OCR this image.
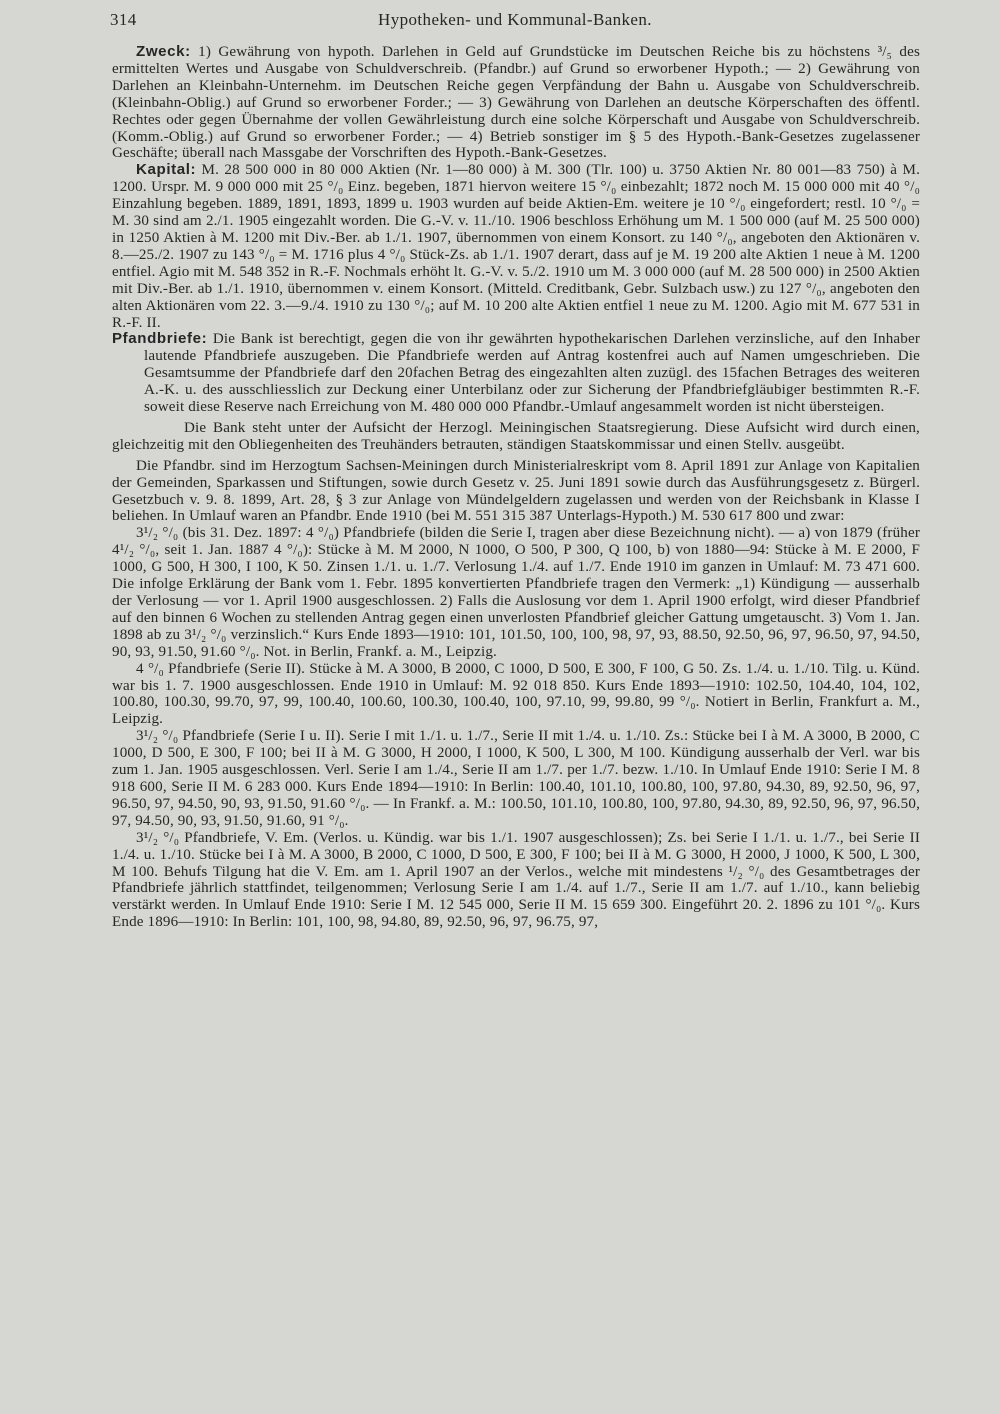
314	Hypotheken- und Kommunal-Banken.

Zweck: 1) Gewährung von hypoth. Darlehen in Geld auf Grundstücke im Deutschen Reiche bis zu höchstens ³/₅ des ermittelten Wertes und Ausgabe von Schuldverschreib. (Pfandbr.) auf Grund so erworbener Hypoth.; — 2) Gewährung von Darlehen an Kleinbahn-Unternehm. im Deutschen Reiche gegen Verpfändung der Bahn u. Ausgabe von Schuldverschreib. (Kleinbahn-Oblig.) auf Grund so erworbener Forder.; — 3) Gewährung von Darlehen an deutsche Körperschaften des öffentl. Rechtes oder gegen Übernahme der vollen Gewährleistung durch eine solche Körperschaft und Ausgabe von Schuldverschreib. (Komm.-Oblig.) auf Grund so erworbener Forder.; — 4) Betrieb sonstiger im § 5 des Hypoth.-Bank-Gesetzes zugelassener Geschäfte; überall nach Massgabe der Vorschriften des Hypoth.-Bank-Gesetzes.

Kapital: M. 28 500 000 in 80 000 Aktien (Nr. 1—80 000) à M. 300 (Tlr. 100) u. 3750 Aktien Nr. 80 001—83 750) à M. 1200. Urspr. M. 9 000 000 mit 25 °/₀ Einz. begeben, 1871 hiervon weitere 15 °/₀ einbezahlt; 1872 noch M. 15 000 000 mit 40 °/₀ Einzahlung begeben. 1889, 1891, 1893, 1899 u. 1903 wurden auf beide Aktien-Em. weitere je 10 °/₀ eingefordert; restl. 10 °/₀ = M. 30 sind am 2./1. 1905 eingezahlt worden. Die G.-V. v. 11./10. 1906 beschloss Erhöhung um M. 1 500 000 (auf M. 25 500 000) in 1250 Aktien à M. 1200 mit Div.-Ber. ab 1./1. 1907, übernommen von einem Konsort. zu 140 °/₀, angeboten den Aktionären v. 8.—25./2. 1907 zu 143 °/₀ = M. 1716 plus 4 °/₀ Stück-Zs. ab 1./1. 1907 derart, dass auf je M. 19 200 alte Aktien 1 neue à M. 1200 entfiel. Agio mit M. 548 352 in R.-F. Nochmals erhöht lt. G.-V. v. 5./2. 1910 um M. 3 000 000 (auf M. 28 500 000) in 2500 Aktien mit Div.-Ber. ab 1./1. 1910, übernommen v. einem Konsort. (Mitteld. Creditbank, Gebr. Sulzbach usw.) zu 127 °/₀, angeboten den alten Aktionären vom 22. 3.—9./4. 1910 zu 130 °/₀; auf M. 10 200 alte Aktien entfiel 1 neue zu M. 1200. Agio mit M. 677 531 in R.-F. II.

Pfandbriefe: Die Bank ist berechtigt, gegen die von ihr gewährten hypothekarischen Darlehen verzinsliche, auf den Inhaber lautende Pfandbriefe auszugeben. Die Pfandbriefe werden auf Antrag kostenfrei auch auf Namen umgeschrieben. Die Gesamtsumme der Pfandbriefe darf den 20fachen Betrag des eingezahlten alten zuzügl. des 15fachen Betrages des weiteren A.-K. u. des ausschliesslich zur Deckung einer Unterbilanz oder zur Sicherung der Pfandbriefgläubiger bestimmten R.-F. soweit diese Reserve nach Erreichung von M. 480 000 000 Pfandbr.-Umlauf angesammelt worden ist nicht übersteigen.

Die Bank steht unter der Aufsicht der Herzogl. Meiningischen Staatsregierung. Diese Aufsicht wird durch einen, gleichzeitig mit den Obliegenheiten des Treuhänders betrauten, ständigen Staatskommissar und einen Stellv. ausgeübt.

Die Pfandbr. sind im Herzogtum Sachsen-Meiningen durch Ministerialreskript vom 8. April 1891 zur Anlage von Kapitalien der Gemeinden, Sparkassen und Stiftungen, sowie durch Gesetz v. 25. Juni 1891 sowie durch das Ausführungsgesetz z. Bürgerl. Gesetzbuch v. 9. 8. 1899, Art. 28, § 3 zur Anlage von Mündelgeldern zugelassen und werden von der Reichsbank in Klasse I beliehen. In Umlauf waren an Pfandbr. Ende 1910 (bei M. 551 315 387 Unterlags-Hypoth.) M. 530 617 800 und zwar:

3¹/₂ °/₀ (bis 31. Dez. 1897: 4 °/₀) Pfandbriefe (bilden die Serie I, tragen aber diese Bezeichnung nicht). — a) von 1879 (früher 4¹/₂ °/₀, seit 1. Jan. 1887 4 °/₀): Stücke à M. M 2000, N 1000, O 500, P 300, Q 100, b) von 1880—94: Stücke à M. E 2000, F 1000, G 500, H 300, I 100, K 50. Zinsen 1./1. u. 1./7. Verlosung 1./4. auf 1./7. Ende 1910 im ganzen in Umlauf: M. 73 471 600. Die infolge Erklärung der Bank vom 1. Febr. 1895 konvertierten Pfandbriefe tragen den Vermerk: „1) Kündigung — ausserhalb der Verlosung — vor 1. April 1900 ausgeschlossen. 2) Falls die Auslosung vor dem 1. April 1900 erfolgt, wird dieser Pfandbrief auf den binnen 6 Wochen zu stellenden Antrag gegen einen unverlosten Pfandbrief gleicher Gattung umgetauscht. 3) Vom 1. Jan. 1898 ab zu 3¹/₂ °/₀ verzinslich.“ Kurs Ende 1893—1910: 101, 101.50, 100, 100, 98, 97, 93, 88.50, 92.50, 96, 97, 96.50, 97, 94.50, 90, 93, 91.50, 91.60 °/₀. Not. in Berlin, Frankf. a. M., Leipzig.

4 °/₀ Pfandbriefe (Serie II). Stücke à M. A 3000, B 2000, C 1000, D 500, E 300, F 100, G 50. Zs. 1./4. u. 1./10. Tilg. u. Künd. war bis 1. 7. 1900 ausgeschlossen. Ende 1910 in Umlauf: M. 92 018 850. Kurs Ende 1893—1910: 102.50, 104.40, 104, 102, 100.80, 100.30, 99.70, 97, 99, 100.40, 100.60, 100.30, 100.40, 100, 97.10, 99, 99.80, 99 °/₀. Notiert in Berlin, Frankfurt a. M., Leipzig.

3¹/₂ °/₀ Pfandbriefe (Serie I u. II). Serie I mit 1./1. u. 1./7., Serie II mit 1./4. u. 1./10. Zs.: Stücke bei I à M. A 3000, B 2000, C 1000, D 500, E 300, F 100; bei II à M. G 3000, H 2000, I 1000, K 500, L 300, M 100. Kündigung ausserhalb der Verl. war bis zum 1. Jan. 1905 ausgeschlossen. Verl. Serie I am 1./4., Serie II am 1./7. per 1./7. bezw. 1./10. In Umlauf Ende 1910: Serie I M. 8 918 600, Serie II M. 6 283 000. Kurs Ende 1894—1910: In Berlin: 100.40, 101.10, 100.80, 100, 97.80, 94.30, 89, 92.50, 96, 97, 96.50, 97, 94.50, 90, 93, 91.50, 91.60 °/₀. — In Frankf. a. M.: 100.50, 101.10, 100.80, 100, 97.80, 94.30, 89, 92.50, 96, 97, 96.50, 97, 94.50, 90, 93, 91.50, 91.60, 91 °/₀.

3¹/₂ °/₀ Pfandbriefe, V. Em. (Verlos. u. Kündig. war bis 1./1. 1907 ausgeschlossen); Zs. bei Serie I 1./1. u. 1./7., bei Serie II 1./4. u. 1./10. Stücke bei I à M. A 3000, B 2000, C 1000, D 500, E 300, F 100; bei II à M. G 3000, H 2000, J 1000, K 500, L 300, M 100. Behufs Tilgung hat die V. Em. am 1. April 1907 an der Verlos., welche mit mindestens ¹/₂ °/₀ des Gesamtbetrages der Pfandbriefe jährlich stattfindet, teilgenommen; Verlosung Serie I am 1./4. auf 1./7., Serie II am 1./7. auf 1./10., kann beliebig verstärkt werden. In Umlauf Ende 1910: Serie I M. 12 545 000, Serie II M. 15 659 300. Eingeführt 20. 2. 1896 zu 101 °/₀. Kurs Ende 1896—1910: In Berlin: 101, 100, 98, 94.80, 89, 92.50, 96, 97, 96.75, 97,
